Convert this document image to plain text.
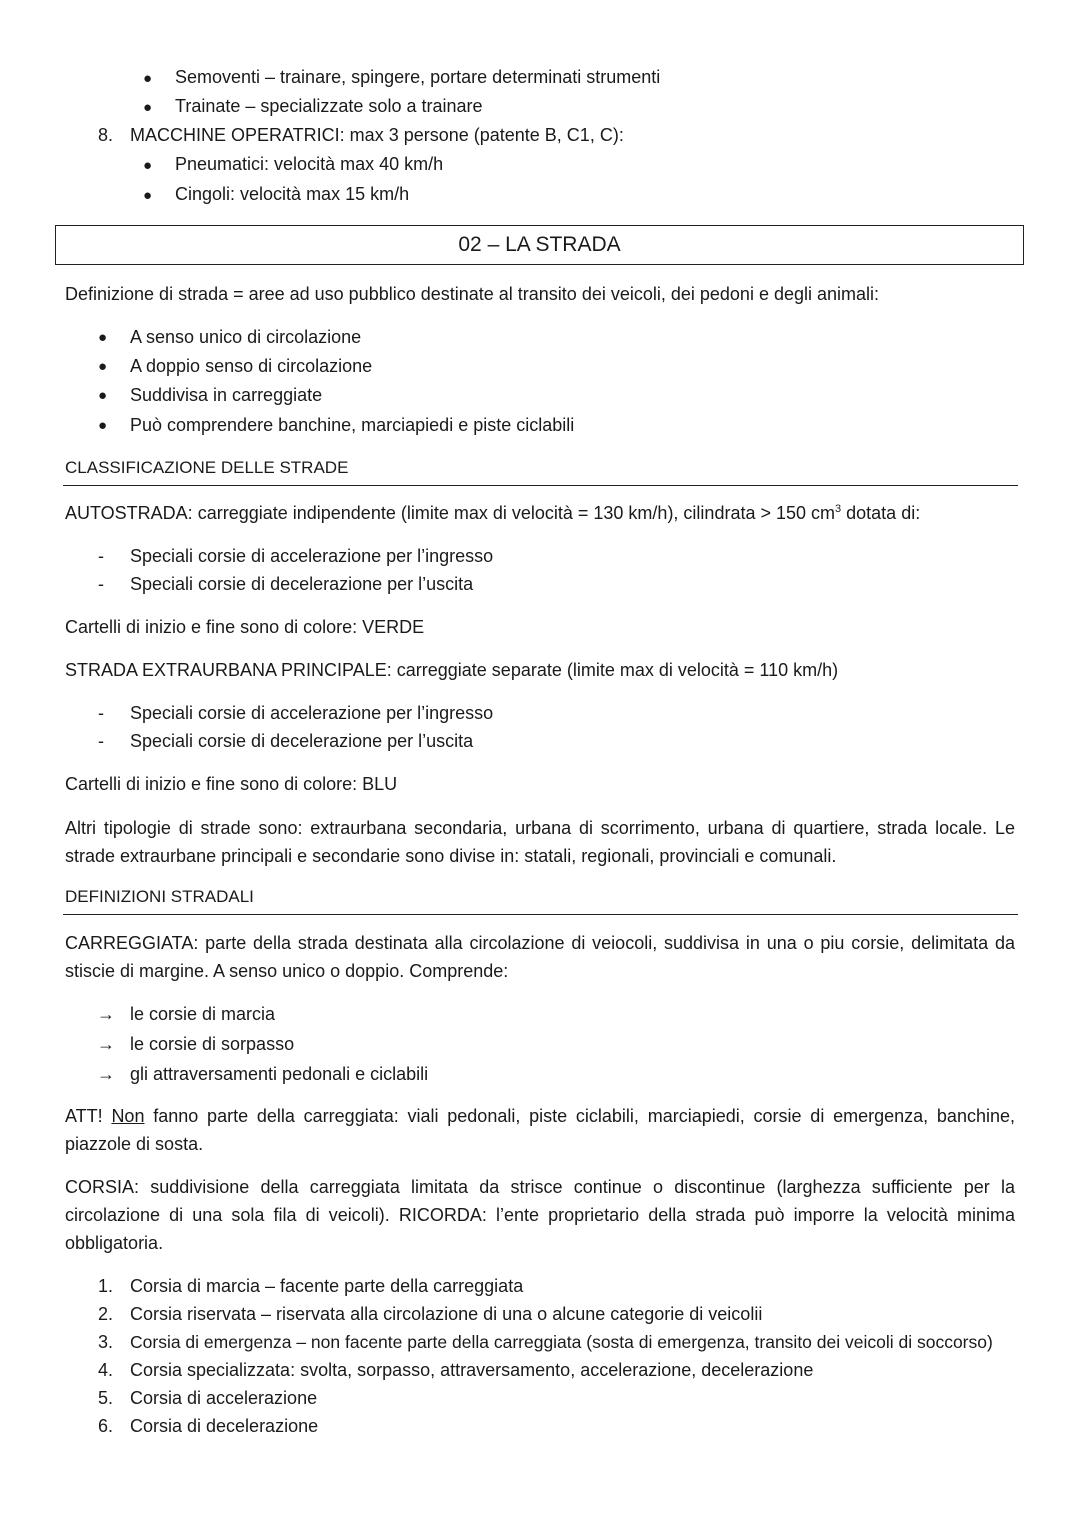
● Semoventi – trainare, spingere, portare determinati strumenti
● Trainate – specializzate solo a trainare
8. MACCHINE OPERATRICI: max 3 persone (patente B, C1, C):
● Pneumatici: velocità max 40 km/h
● Cingoli: velocità max 15 km/h
02 – LA STRADA
Definizione di strada = aree ad uso pubblico destinate al transito dei veicoli, dei pedoni e degli animali:
● A senso unico di circolazione
● A doppio senso di circolazione
● Suddivisa in carreggiate
● Può comprendere banchine, marciapiedi e piste ciclabili
CLASSIFICAZIONE DELLE STRADE
AUTOSTRADA: carreggiate indipendente (limite max di velocità = 130 km/h), cilindrata > 150 $cm^3$ dotata di:
- Speciali corsie di accelerazione per l’ingresso
- Speciali corsie di decelerazione per l’uscita
Cartelli di inizio e fine sono di colore: VERDE
STRADA EXTRAURBANA PRINCIPALE: carreggiate separate (limite max di velocità = 110 km/h)
- Speciali corsie di accelerazione per l’ingresso
- Speciali corsie di decelerazione per l’uscita
Cartelli di inizio e fine sono di colore: BLU
Altri tipologie di strade sono: extraurbana secondaria, urbana di scorrimento, urbana di quartiere, strada locale. Le strade extraurbane principali e secondarie sono divise in: statali, regionali, provinciali e comunali.
DEFINIZIONI STRADALI
CARREGGIATA: parte della strada destinata alla circolazione di veiocoli, suddivisa in una o piu corsie, delimitata da stiscie di margine. A senso unico o doppio. Comprende:
→ le corsie di marcia
→ le corsie di sorpasso
→ gli attraversamenti pedonali e ciclabili
ATT! Non fanno parte della carreggiata: viali pedonali, piste ciclabili, marciapiedi, corsie di emergenza, banchine, piazzole di sosta.
CORSIA: suddivisione della carreggiata limitata da strisce continue o discontinue (larghezza sufficiente per la circolazione di una sola fila di veicoli). RICORDA: l’ente proprietario della strada può imporre la velocità minima obbligatoria.
1. Corsia di marcia – facente parte della carreggiata
2. Corsia riservata – riservata alla circolazione di una o alcune categorie di veicolii
3. Corsia di emergenza – non facente parte della carreggiata (sosta di emergenza, transito dei veicoli di soccorso)
4. Corsia specializzata: svolta, sorpasso, attraversamento, accelerazione, decelerazione
5. Corsia di accelerazione
6. Corsia di decelerazione
